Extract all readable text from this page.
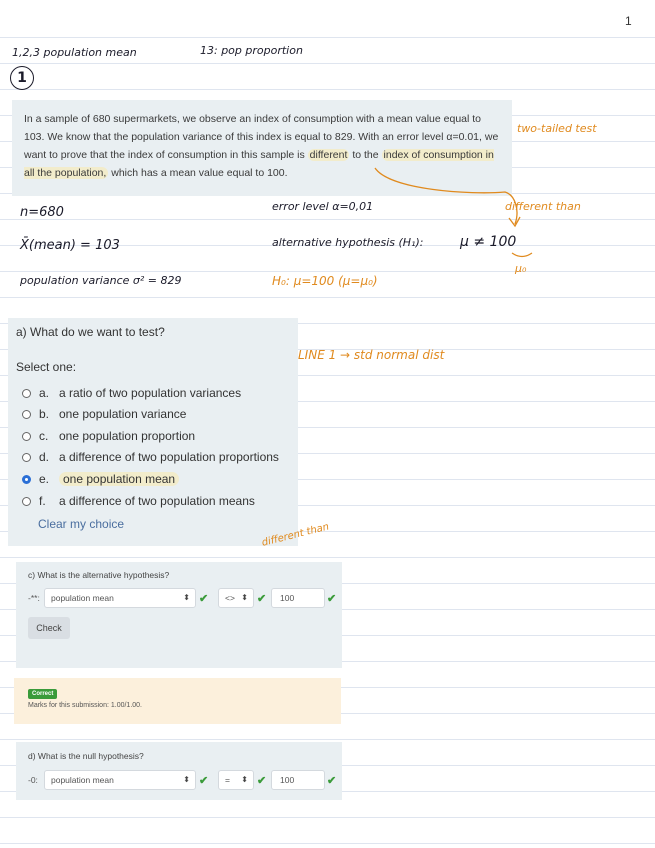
1
1,2,3 population mean	13: pop proportion
1
In a sample of 680 supermarkets, we observe an index of consumption with a mean value equal to 103. We know that the population variance of this index is equal to 829. With an error level α=0.01, we want to prove that the index of consumption in this sample is different to the index of consumption in all the population, which has a mean value equal to 100.
two-tailed test
different than
n=680
X̄(mean) = 103
population variance σ² = 829
error level α=0,01
alternative hypothesis (H₁):	μ ≠ 100
μ₀
H₀: μ=100 (μ=μ₀)
LINE 1 → std normal dist
a) What do we want to test?
Select one:
a. a ratio of two population variances
b. one population variance
c. one population proportion
d. a difference of two population proportions
e.	one population mean
f.	a difference of two population means
Clear my choice	different than
c) What is the alternative hypothesis?
-**: population mean	⬍ ✔ <> ⬍ ✔	100	✔
Check
Correct
Marks for this submission: 1.00/1.00.
d) What is the null hypothesis?
-0: population mean	⬍ ✔ = ⬍ ✔	100	✔
